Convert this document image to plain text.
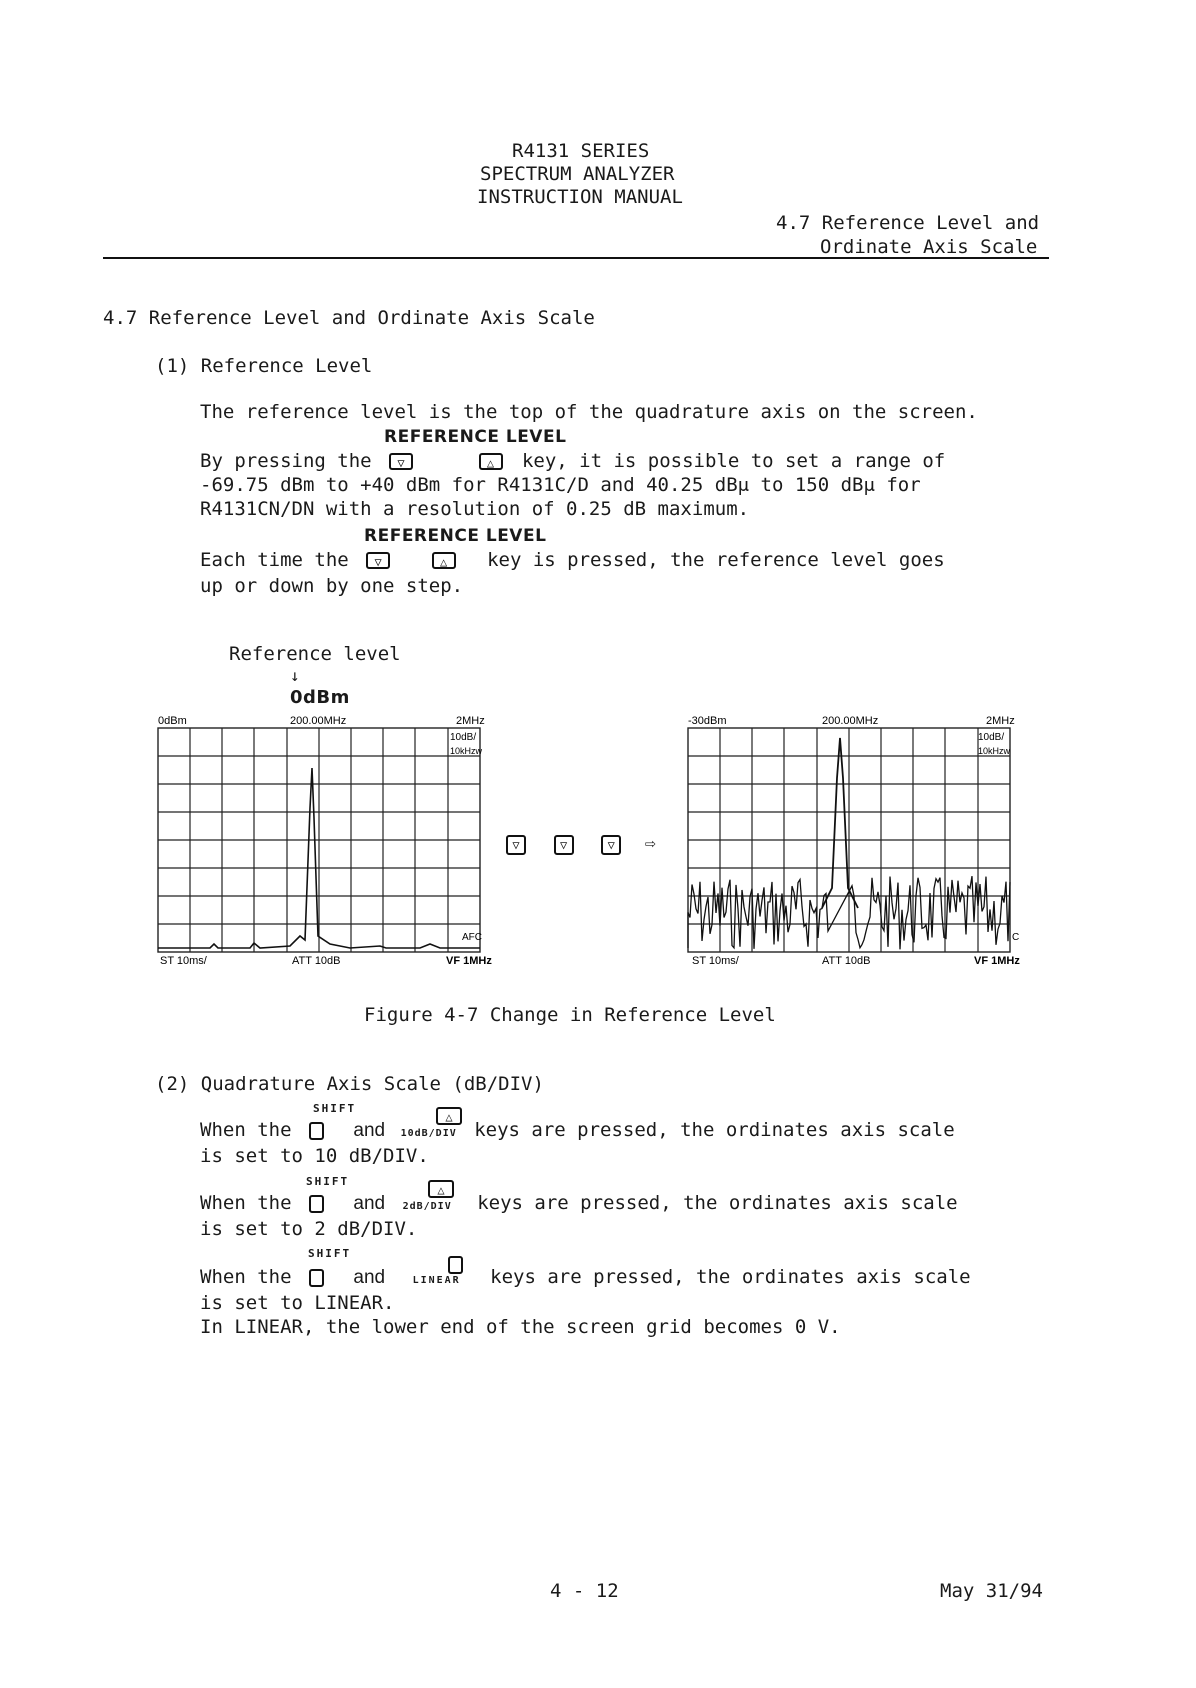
R4131 SERIES
SPECTRUM ANALYZER
INSTRUCTION MANUAL
4.7 Reference Level and
Ordinate Axis Scale
4.7 Reference Level and Ordinate Axis Scale
(1) Reference Level
The reference level is the top of the quadrature axis on the screen.
REFERENCE LEVEL
By pressing the ▽	△ key, it is possible to set a range of
-69.75 dBm to +40 dBm for R4131C/D and 40.25 dBμ to 150 dBμ for
R4131CN/DN with a resolution of 0.25 dB maximum.
REFERENCE LEVEL
Each time the ▽	△ key is pressed, the reference level goes
up or down by one step.
Reference level
↓
0dBm
0dBm	200.00MHz	2MHz
10dB/
10kHzw
AFC
ST 10ms/	ATT 10dB	VF 1MHz
▽	▽	▽ ⇨
-30dBm	200.00MHz	2MHz
10dB/
10kHzw
C
ST 10ms/	ATT 10dB	VF 1MHz
Figure 4-7 Change in Reference Level
(2) Quadrature Axis Scale (dB/DIV)
SHIFT
△
When the	and 10dB/DIV keys are pressed, the ordinates axis scale
is set to 10 dB/DIV.
SHIFT
△
When the	and 2dB/DIV keys are pressed, the ordinates axis scale
is set to 2 dB/DIV.
SHIFT
When the	and	LINEAR keys are pressed, the ordinates axis scale
is set to LINEAR.
In LINEAR, the lower end of the screen grid becomes 0 V.
4 - 12	May 31/94
